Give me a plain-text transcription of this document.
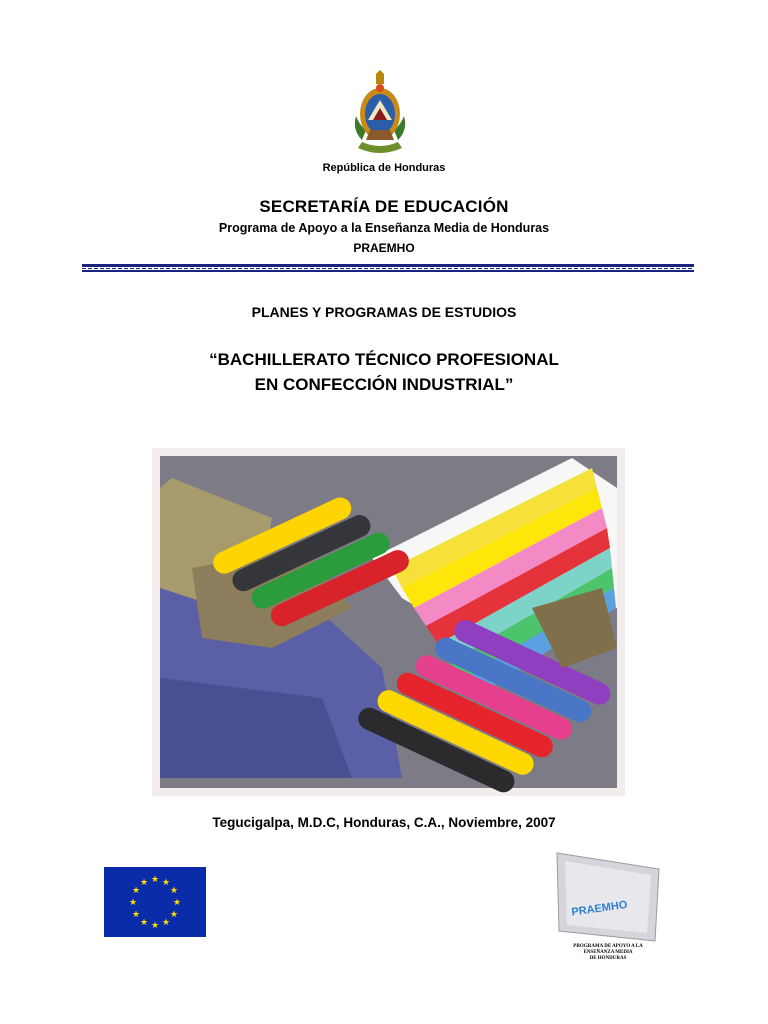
República de Honduras
SECRETARÍA DE EDUCACIÓN
Programa de Apoyo a la Enseñanza Media de Honduras
PRAEMHO
PLANES Y PROGRAMAS DE ESTUDIOS
“BACHILLERATO TÉCNICO PROFESIONAL
EN CONFECCIÓN INDUSTRIAL”
Tegucigalpa, M.D.C, Honduras, C.A., Noviembre, 2007
★ ★
★
★
★
★
★
★
★
★
★
★
PRAEMHO
PROGRAMA DE APOYO A LA
ENSEÑANZA MEDIA
DE HONDURAS
